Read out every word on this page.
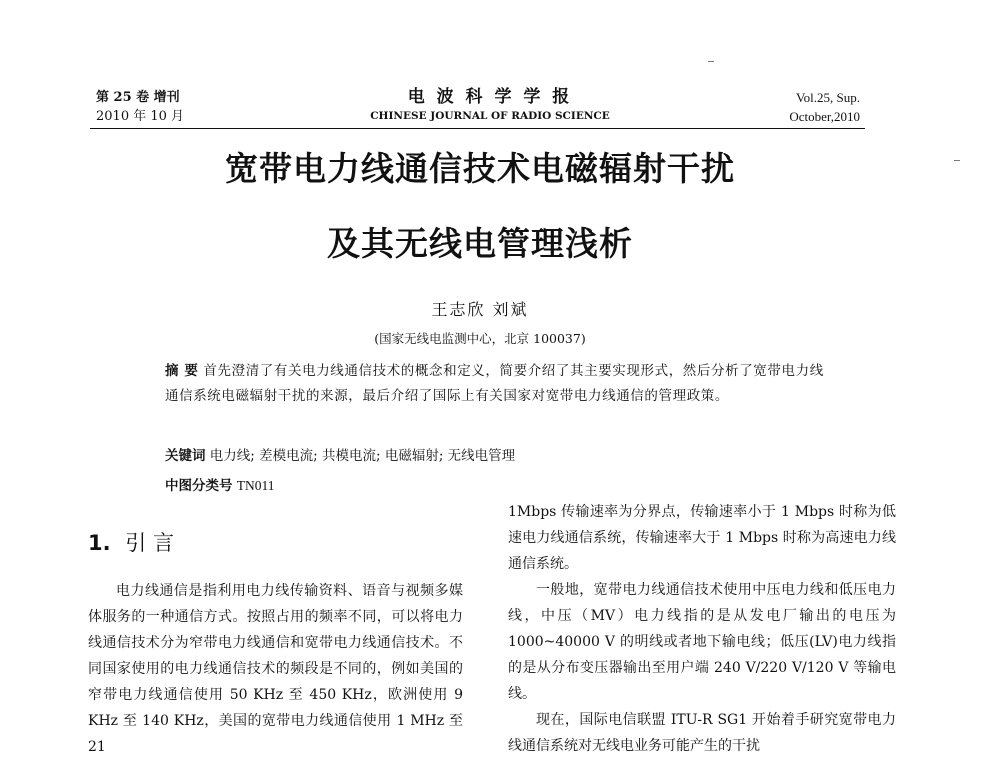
第 25 卷 增刊
2010 年 10 月
电 波 科 学 学 报
CHINESE JOURNAL OF RADIO SCIENCE
Vol.25, Sup.
October,2010
宽带电力线通信技术电磁辐射干扰
及其无线电管理浅析
王志欣 刘斌
(国家无线电监测中心，北京 100037)
摘 要 首先澄清了有关电力线通信技术的概念和定义，简要介绍了其主要实现形式，然后分析了宽带电力线通信系统电磁辐射干扰的来源，最后介绍了国际上有关国家对宽带电力线通信的管理政策。
关键词 电力线; 差模电流; 共模电流; 电磁辐射; 无线电管理
中图分类号 TN011
1. 引 言

电力线通信是指利用电力线传输资料、语音与视频多媒体服务的一种通信方式。按照占用的频率不同，可以将电力线通信技术分为窄带电力线通信和宽带电力线通信技术。不同国家使用的电力线通信技术的频段是不同的，例如美国的窄带电力线通信使用 50 KHz 至 450 KHz，欧洲使用 9 KHz 至 140 KHz，美国的宽带电力线通信使用 1 MHz 至 21

1Mbps 传输速率为分界点，传输速率小于 1 Mbps 时称为低速电力线通信系统，传输速率大于 1 Mbps 时称为高速电力线通信系统。

一般地，宽带电力线通信技术使用中压电力线和低压电力线，中压（MV）电力线指的是从发电厂输出的电压为 1000~40000 V 的明线或者地下输电线；低压(LV)电力线指的是从分布变压器输出至用户端 240 V/220 V/120 V 等输电线。

现在，国际电信联盟 ITU-R SG1 开始着手研究宽带电力线通信系统对无线电业务可能产生的干扰
